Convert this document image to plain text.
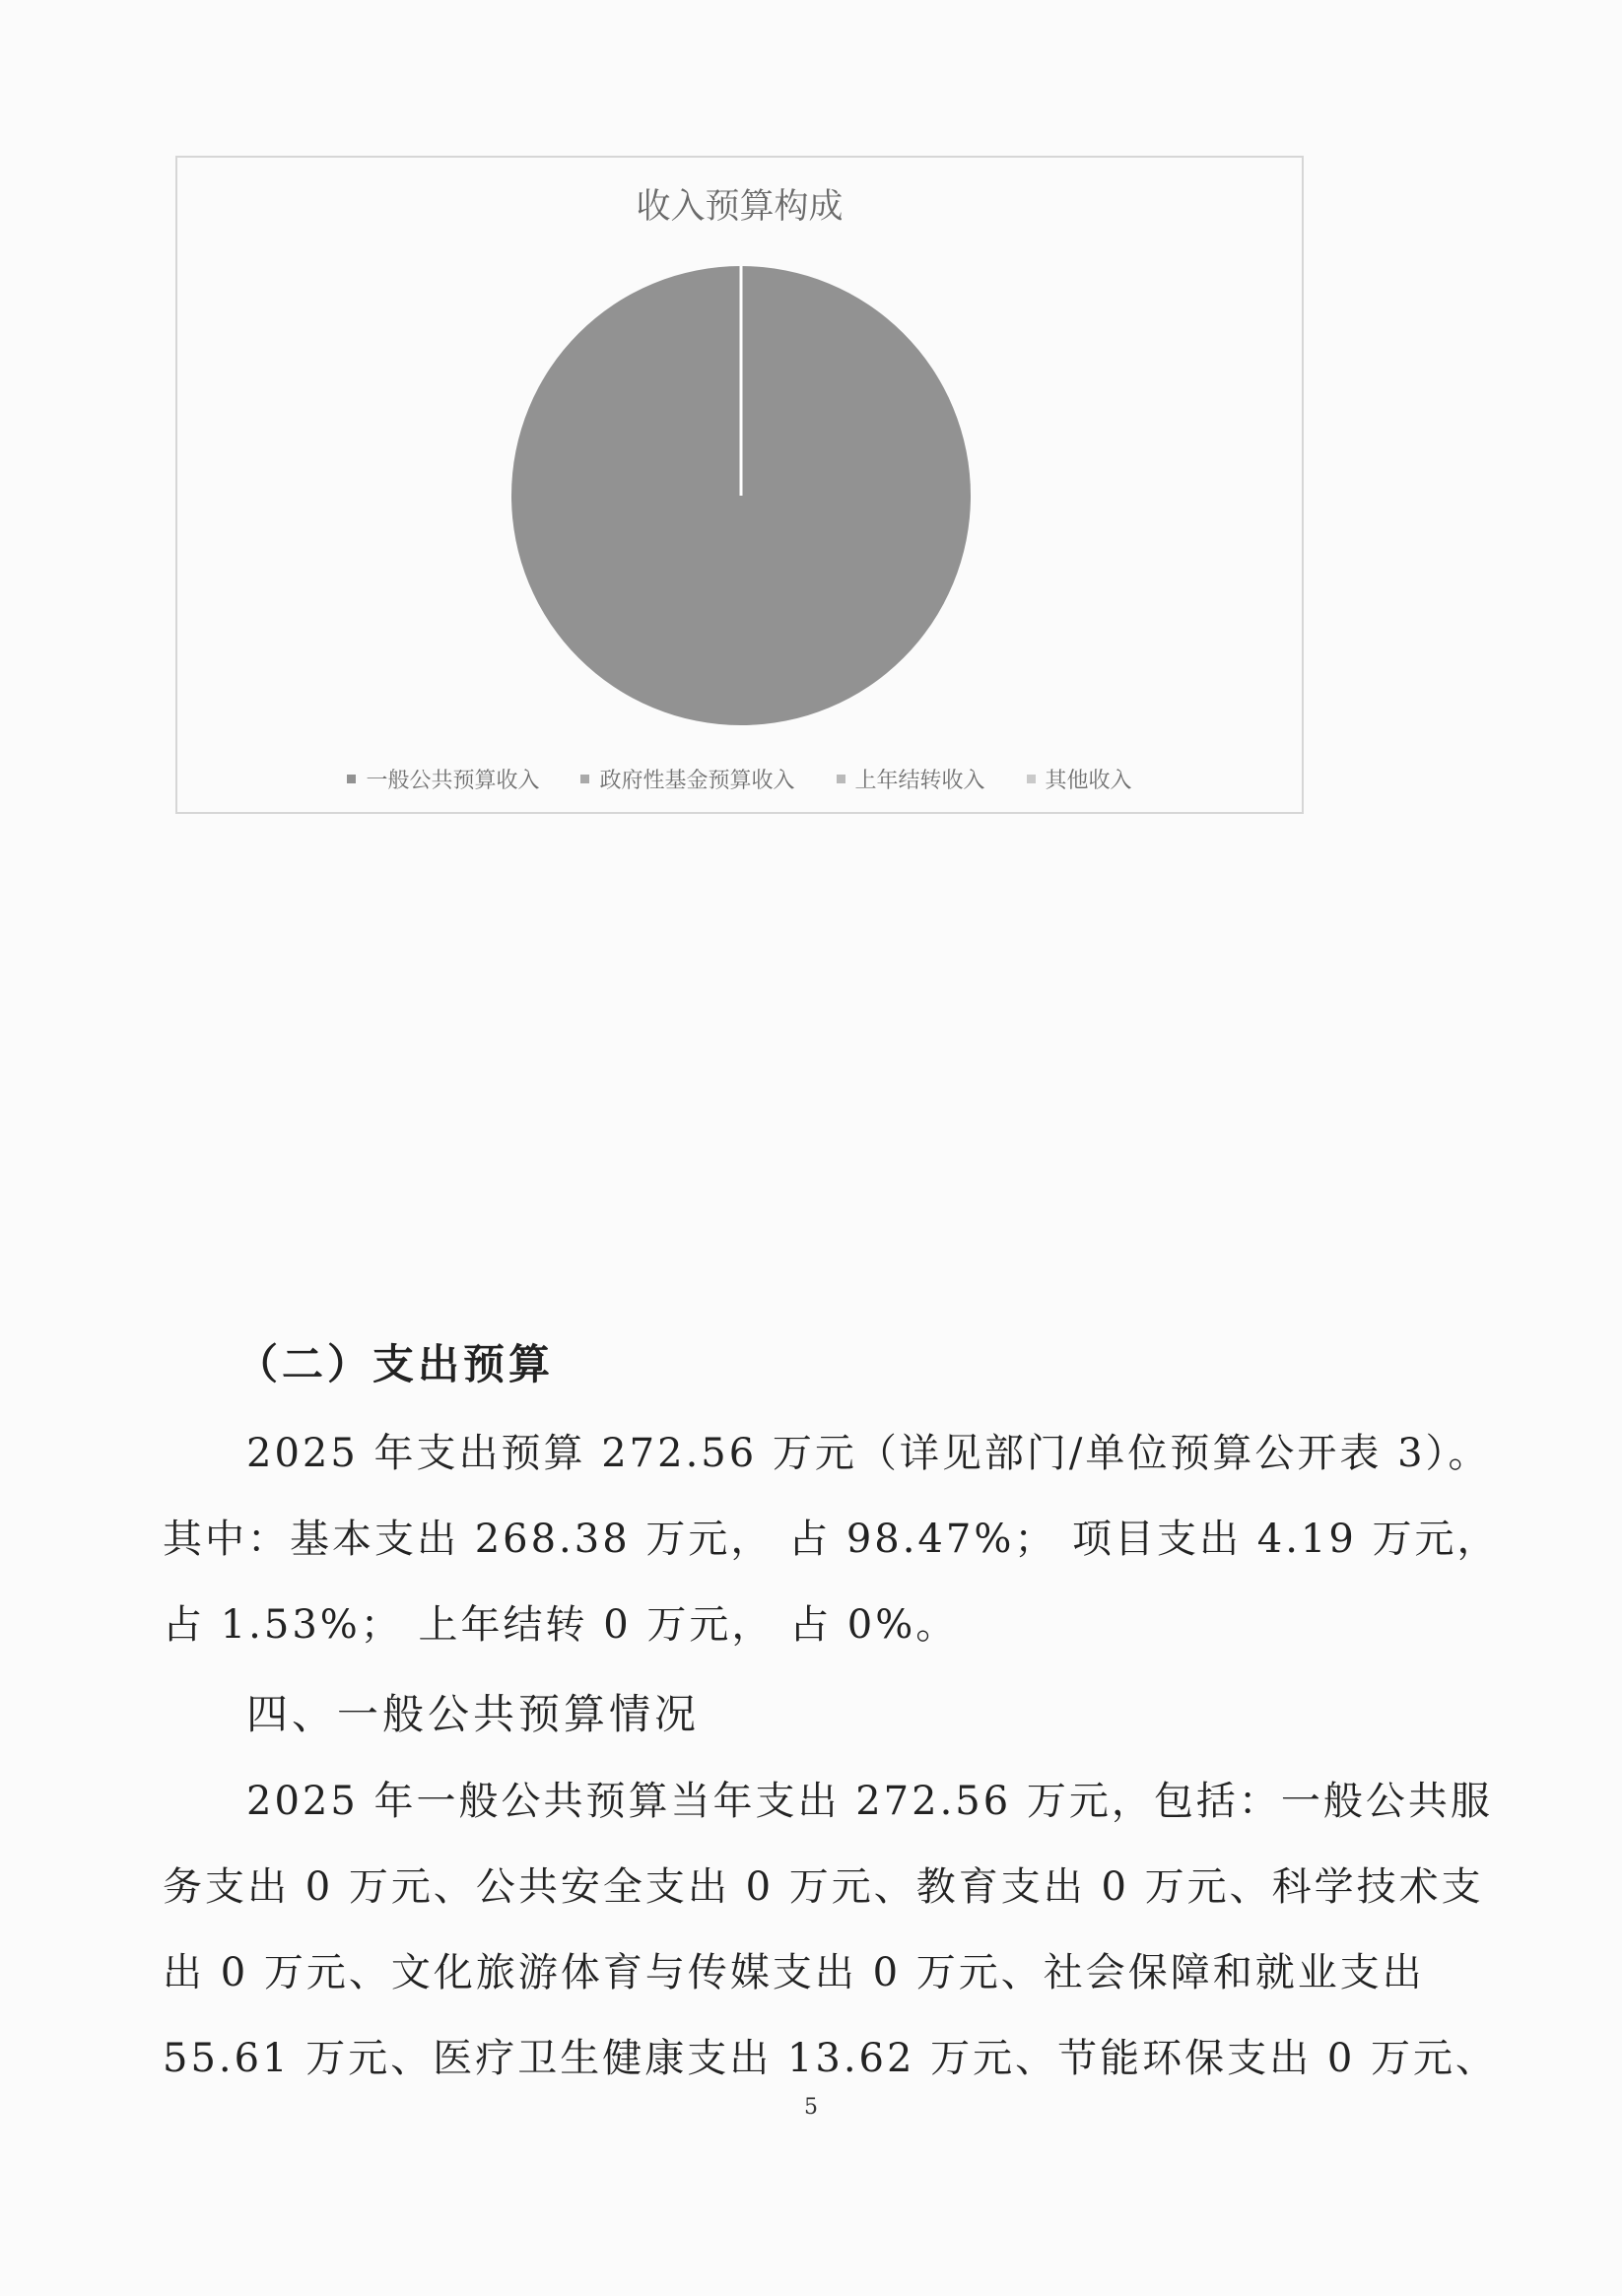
收入预算构成
一般公共预算收入	政府性基金预算收入	上年结转收入	其他收入
（二）支出预算
2025 年支出预算 272.56 万元（详见部门/单位预算公开表 3）。
其中：基本支出 268.38 万元， 占 98.47%； 项目支出 4.19 万元，
占 1.53%； 上年结转 0 万元， 占 0%。
四、一般公共预算情况
2025 年一般公共预算当年支出 272.56 万元，包括：一般公共服
务支出 0 万元、公共安全支出 0 万元、教育支出 0 万元、科学技术支
出 0 万元、文化旅游体育与传媒支出 0 万元、社会保障和就业支出
55.61 万元、医疗卫生健康支出 13.62 万元、节能环保支出 0 万元、
5
